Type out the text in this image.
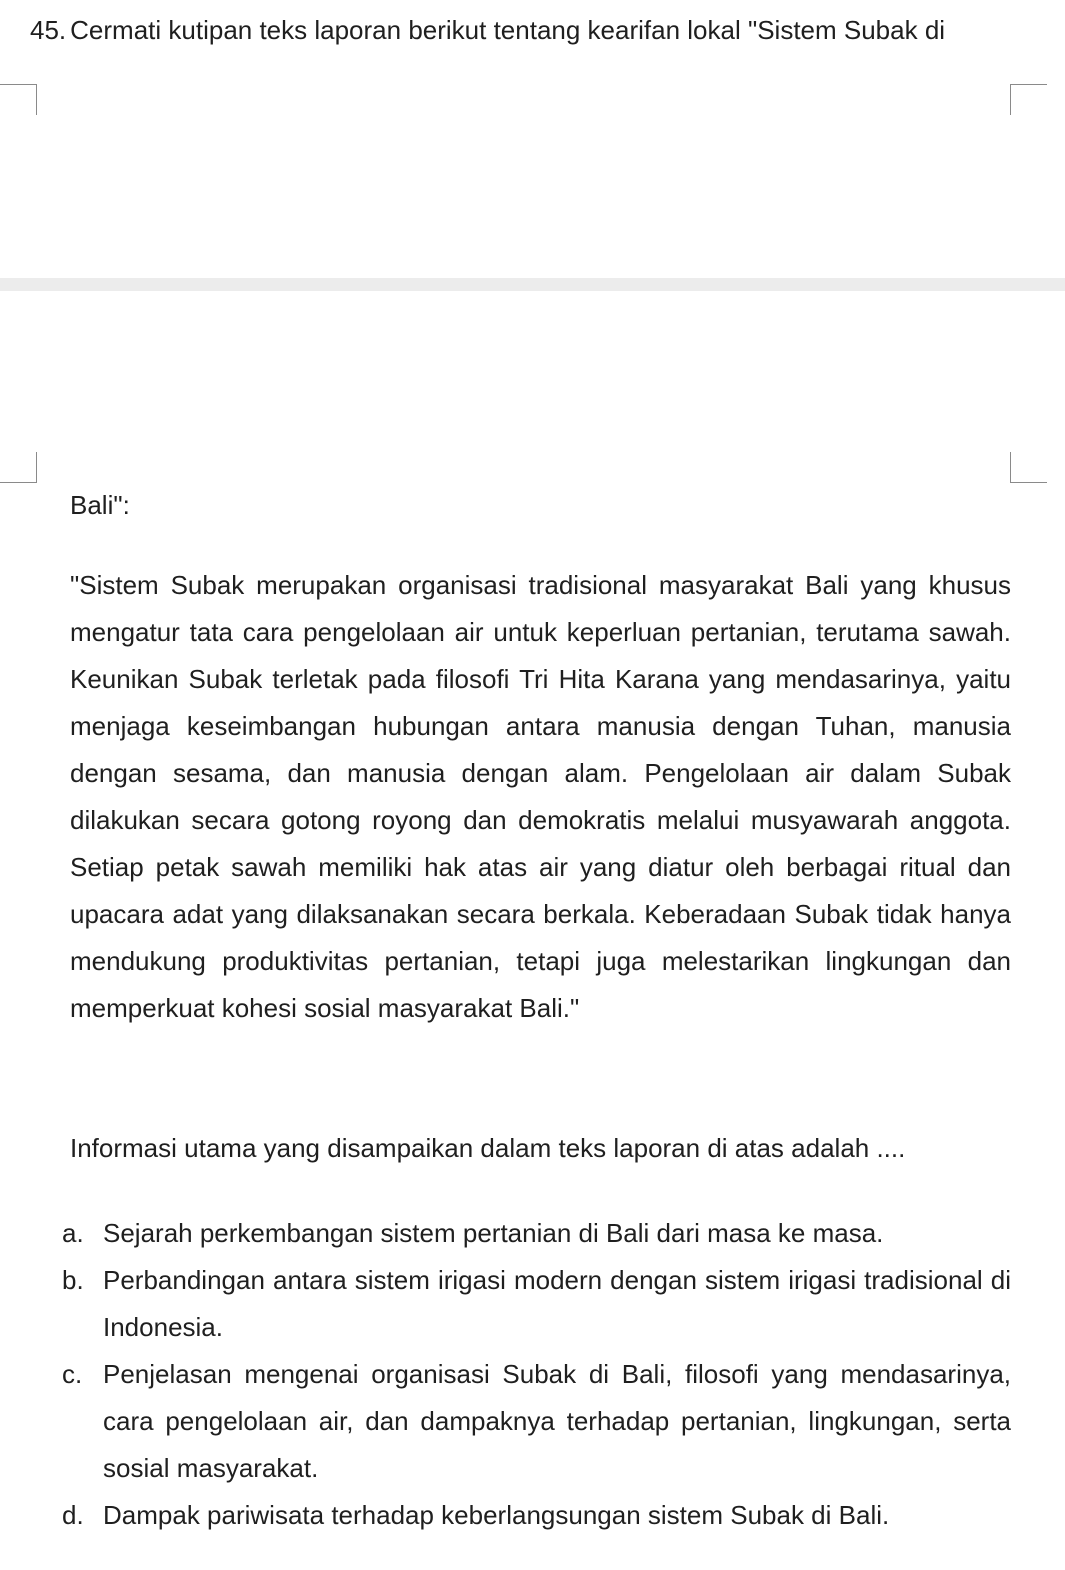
45. Cermati kutipan teks laporan berikut tentang kearifan lokal "Sistem Subak di
Bali":
"Sistem Subak merupakan organisasi tradisional masyarakat Bali yang khusus mengatur tata cara pengelolaan air untuk keperluan pertanian, terutama sawah. Keunikan Subak terletak pada filosofi Tri Hita Karana yang mendasarinya, yaitu menjaga keseimbangan hubungan antara manusia dengan Tuhan, manusia dengan sesama, dan manusia dengan alam. Pengelolaan air dalam Subak dilakukan secara gotong royong dan demokratis melalui musyawarah anggota. Setiap petak sawah memiliki hak atas air yang diatur oleh berbagai ritual dan upacara adat yang dilaksanakan secara berkala. Keberadaan Subak tidak hanya mendukung produktivitas pertanian, tetapi juga melestarikan lingkungan dan memperkuat kohesi sosial masyarakat Bali."
Informasi utama yang disampaikan dalam teks laporan di atas adalah ....
a. Sejarah perkembangan sistem pertanian di Bali dari masa ke masa.
b. Perbandingan antara sistem irigasi modern dengan sistem irigasi tradisional di Indonesia.
c. Penjelasan mengenai organisasi Subak di Bali, filosofi yang mendasarinya, cara pengelolaan air, dan dampaknya terhadap pertanian, lingkungan, serta sosial masyarakat.
d. Dampak pariwisata terhadap keberlangsungan sistem Subak di Bali.
